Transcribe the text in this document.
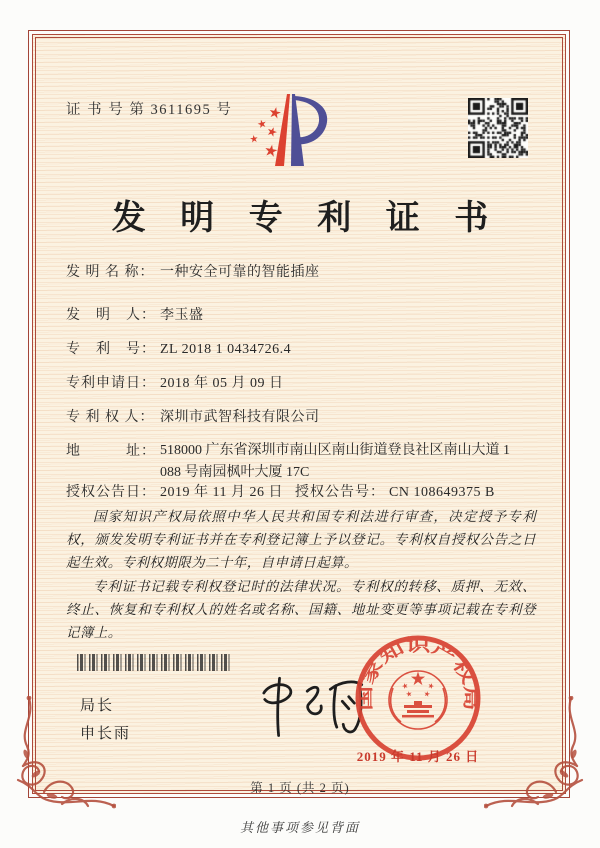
证 书 号 第 3611695 号
发 明 专 利 证 书
发 明 名 称： 一种安全可靠的智能插座
发　明　人： 李玉盛
专　利　号： ZL 2018 1 0434726.4
专利申请日： 2018 年 05 月 09 日
专 利 权 人： 深圳市武智科技有限公司
地　　　址： 518000 广东省深圳市南山区南山街道登良社区南山大道 1
088 号南园枫叶大厦 17C
授权公告日： 2019 年 11 月 26 日 授权公告号： CN 108649375 B

国家知识产权局依照中华人民共和国专利法进行审查，决定授予专利权，颁发发明专利证书并在专利登记簿上予以登记。专利权自授权公告之日起生效。专利权期限为二十年，自申请日起算。

专利证书记载专利权登记时的法律状况。专利权的转移、质押、无效、终止、恢复和专利权人的姓名或名称、国籍、地址变更等事项记载在专利登记簿上。

局长
申长雨
国家知识产权局
2019 年 11 月 26 日
第 1 页 (共 2 页)
其他事项参见背面
